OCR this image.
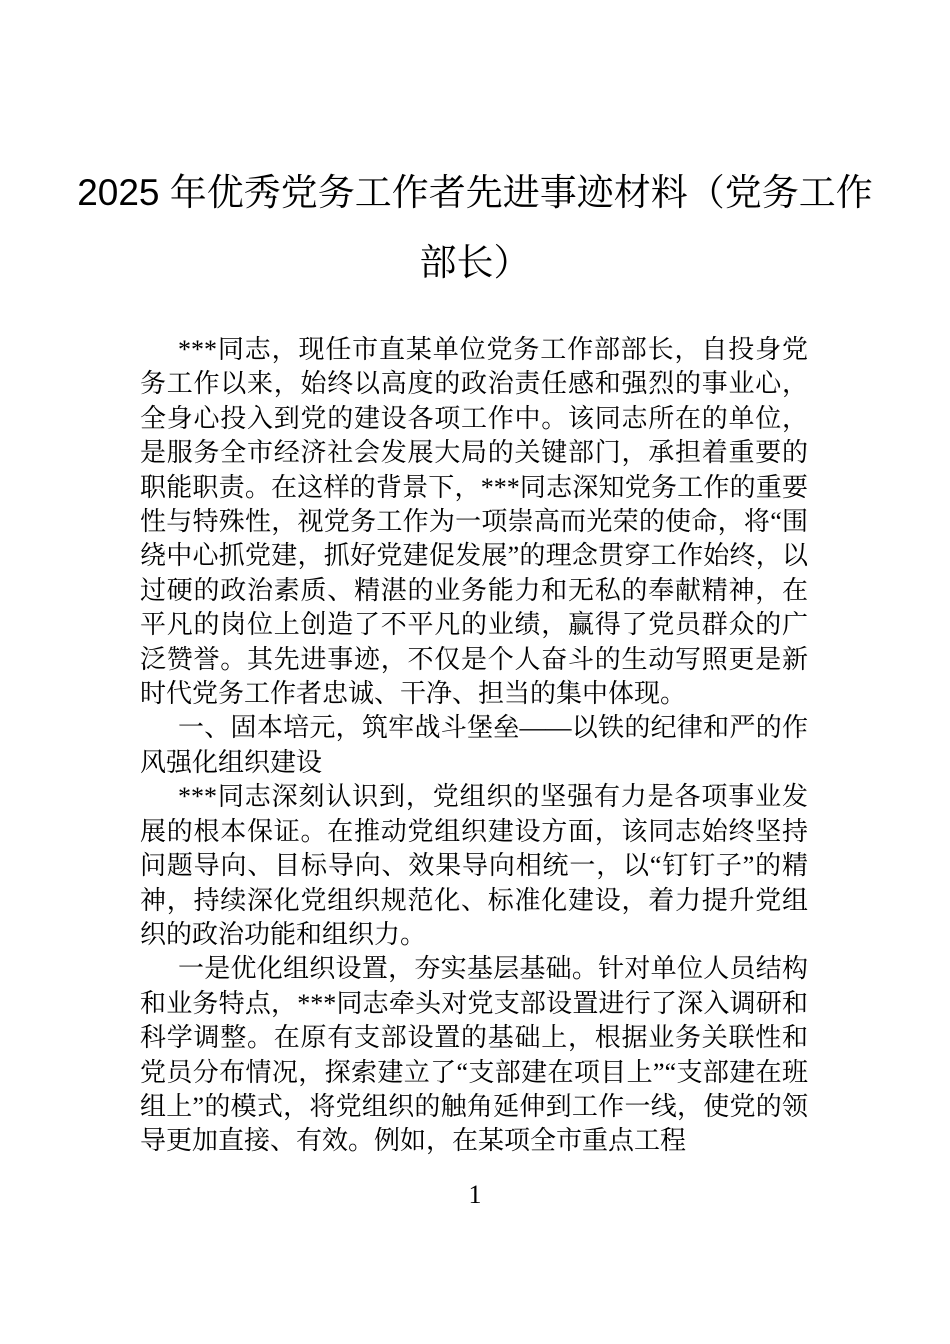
2025 年优秀党务工作者先进事迹材料（党务工作部长）

***同志，现任市直某单位党务工作部部长，自投身党务工作以来，始终以高度的政治责任感和强烈的事业心，全身心投入到党的建设各项工作中。该同志所在的单位，是服务全市经济社会发展大局的关键部门，承担着重要的职能职责。在这样的背景下，***同志深知党务工作的重要性与特殊性，视党务工作为一项崇高而光荣的使命，将“围绕中心抓党建，抓好党建促发展”的理念贯穿工作始终，以过硬的政治素质、精湛的业务能力和无私的奉献精神，在平凡的岗位上创造了不平凡的业绩，赢得了党员群众的广泛赞誉。其先进事迹，不仅是个人奋斗的生动写照更是新时代党务工作者忠诚、干净、担当的集中体现。

一、固本培元，筑牢战斗堡垒——以铁的纪律和严的作风强化组织建设

***同志深刻认识到，党组织的坚强有力是各项事业发展的根本保证。在推动党组织建设方面，该同志始终坚持问题导向、目标导向、效果导向相统一，以“钉钉子”的精神，持续深化党组织规范化、标准化建设，着力提升党组织的政治功能和组织力。

一是优化组织设置，夯实基层基础。针对单位人员结构和业务特点，***同志牵头对党支部设置进行了深入调研和科学调整。在原有支部设置的基础上，根据业务关联性和党员分布情况，探索建立了“支部建在项目上”“支部建在班组上”的模式，将党组织的触角延伸到工作一线，使党的领导更加直接、有效。例如，在某项全市重点工程

1
